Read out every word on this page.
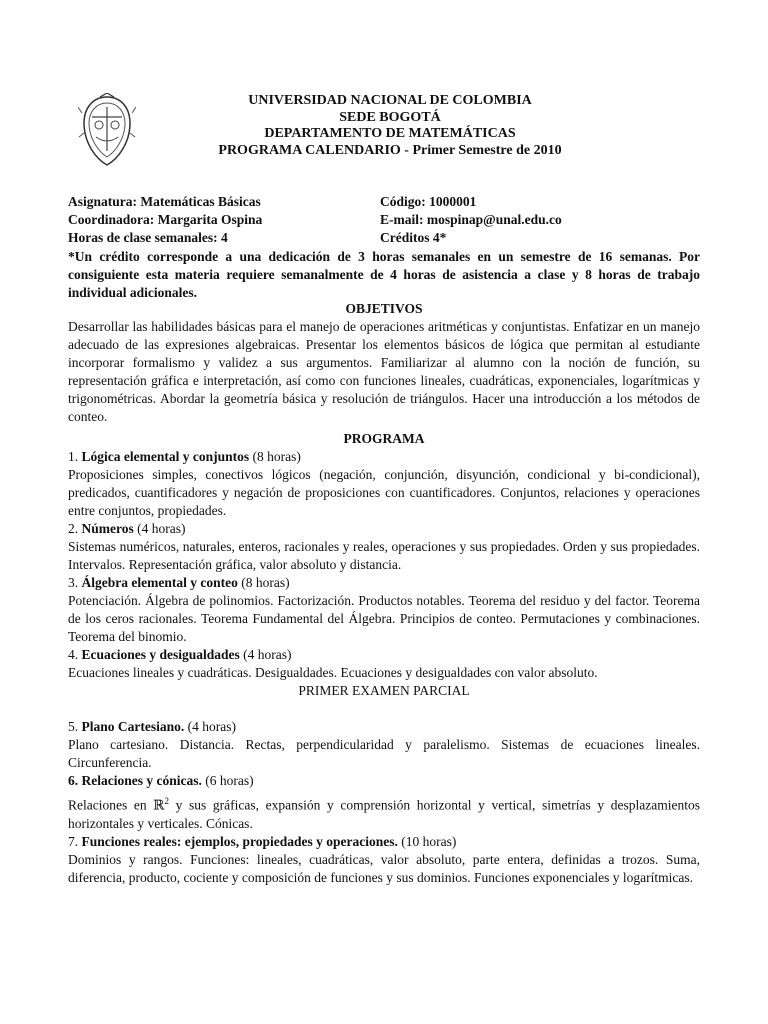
UNIVERSIDAD NACIONAL DE COLOMBIA
SEDE BOGOTÁ
DEPARTAMENTO DE MATEMÁTICAS
PROGRAMA CALENDARIO - Primer Semestre de 2010
Asignatura: Matemáticas Básicas	Código: 1000001
Coordinadora: Margarita Ospina	E-mail: mospinap@unal.edu.co
Horas de clase semanales: 4	Créditos 4*
*Un crédito corresponde a una dedicación de 3 horas semanales en un semestre de 16 semanas. Por consiguiente esta materia requiere semanalmente de 4 horas de asistencia a clase y 8 horas de trabajo individual adicionales.
OBJETIVOS

Desarrollar las habilidades básicas para el manejo de operaciones aritméticas y conjuntistas. Enfatizar en un manejo adecuado de las expresiones algebraicas. Presentar los elementos básicos de lógica que permitan al estudiante incorporar formalismo y validez a sus argumentos. Familiarizar al alumno con la noción de función, su representación gráfica e interpretación, así como con funciones lineales, cuadráticas, exponenciales, logarítmicas y trigonométricas. Abordar la geometría básica y resolución de triángulos. Hacer una introducción a los métodos de conteo.

PROGRAMA
1. Lógica elemental y conjuntos (8 horas)

Proposiciones simples, conectivos lógicos (negación, conjunción, disyunción, condicional y bi-condicional), predicados, cuantificadores y negación de proposiciones con cuantificadores. Conjuntos, relaciones y operaciones entre conjuntos, propiedades.

2. Números (4 horas)

Sistemas numéricos, naturales, enteros, racionales y reales, operaciones y sus propiedades. Orden y sus propiedades. Intervalos. Representación gráfica, valor absoluto y distancia.

3. Álgebra elemental y conteo (8 horas)

Potenciación. Álgebra de polinomios. Factorización. Productos notables. Teorema del residuo y del factor. Teorema de los ceros racionales. Teorema Fundamental del Álgebra. Principios de conteo. Permutaciones y combinaciones. Teorema del binomio.

4. Ecuaciones y desigualdades (4 horas)

Ecuaciones lineales y cuadráticas. Desigualdades. Ecuaciones y desigualdades con valor absoluto.

PRIMER EXAMEN PARCIAL
5. Plano Cartesiano. (4 horas)

Plano cartesiano. Distancia. Rectas, perpendicularidad y paralelismo. Sistemas de ecuaciones lineales. Circunferencia.

6. Relaciones y cónicas. (6 horas)

Relaciones en ℝ$^2$ y sus gráficas, expansión y comprensión horizontal y vertical, simetrías y desplazamientos horizontales y verticales. Cónicas.

7. Funciones reales: ejemplos, propiedades y operaciones. (10 horas)

Dominios y rangos. Funciones: lineales, cuadráticas, valor absoluto, parte entera, definidas a trozos. Suma, diferencia, producto, cociente y composición de funciones y sus dominios. Funciones exponenciales y logarítmicas.
